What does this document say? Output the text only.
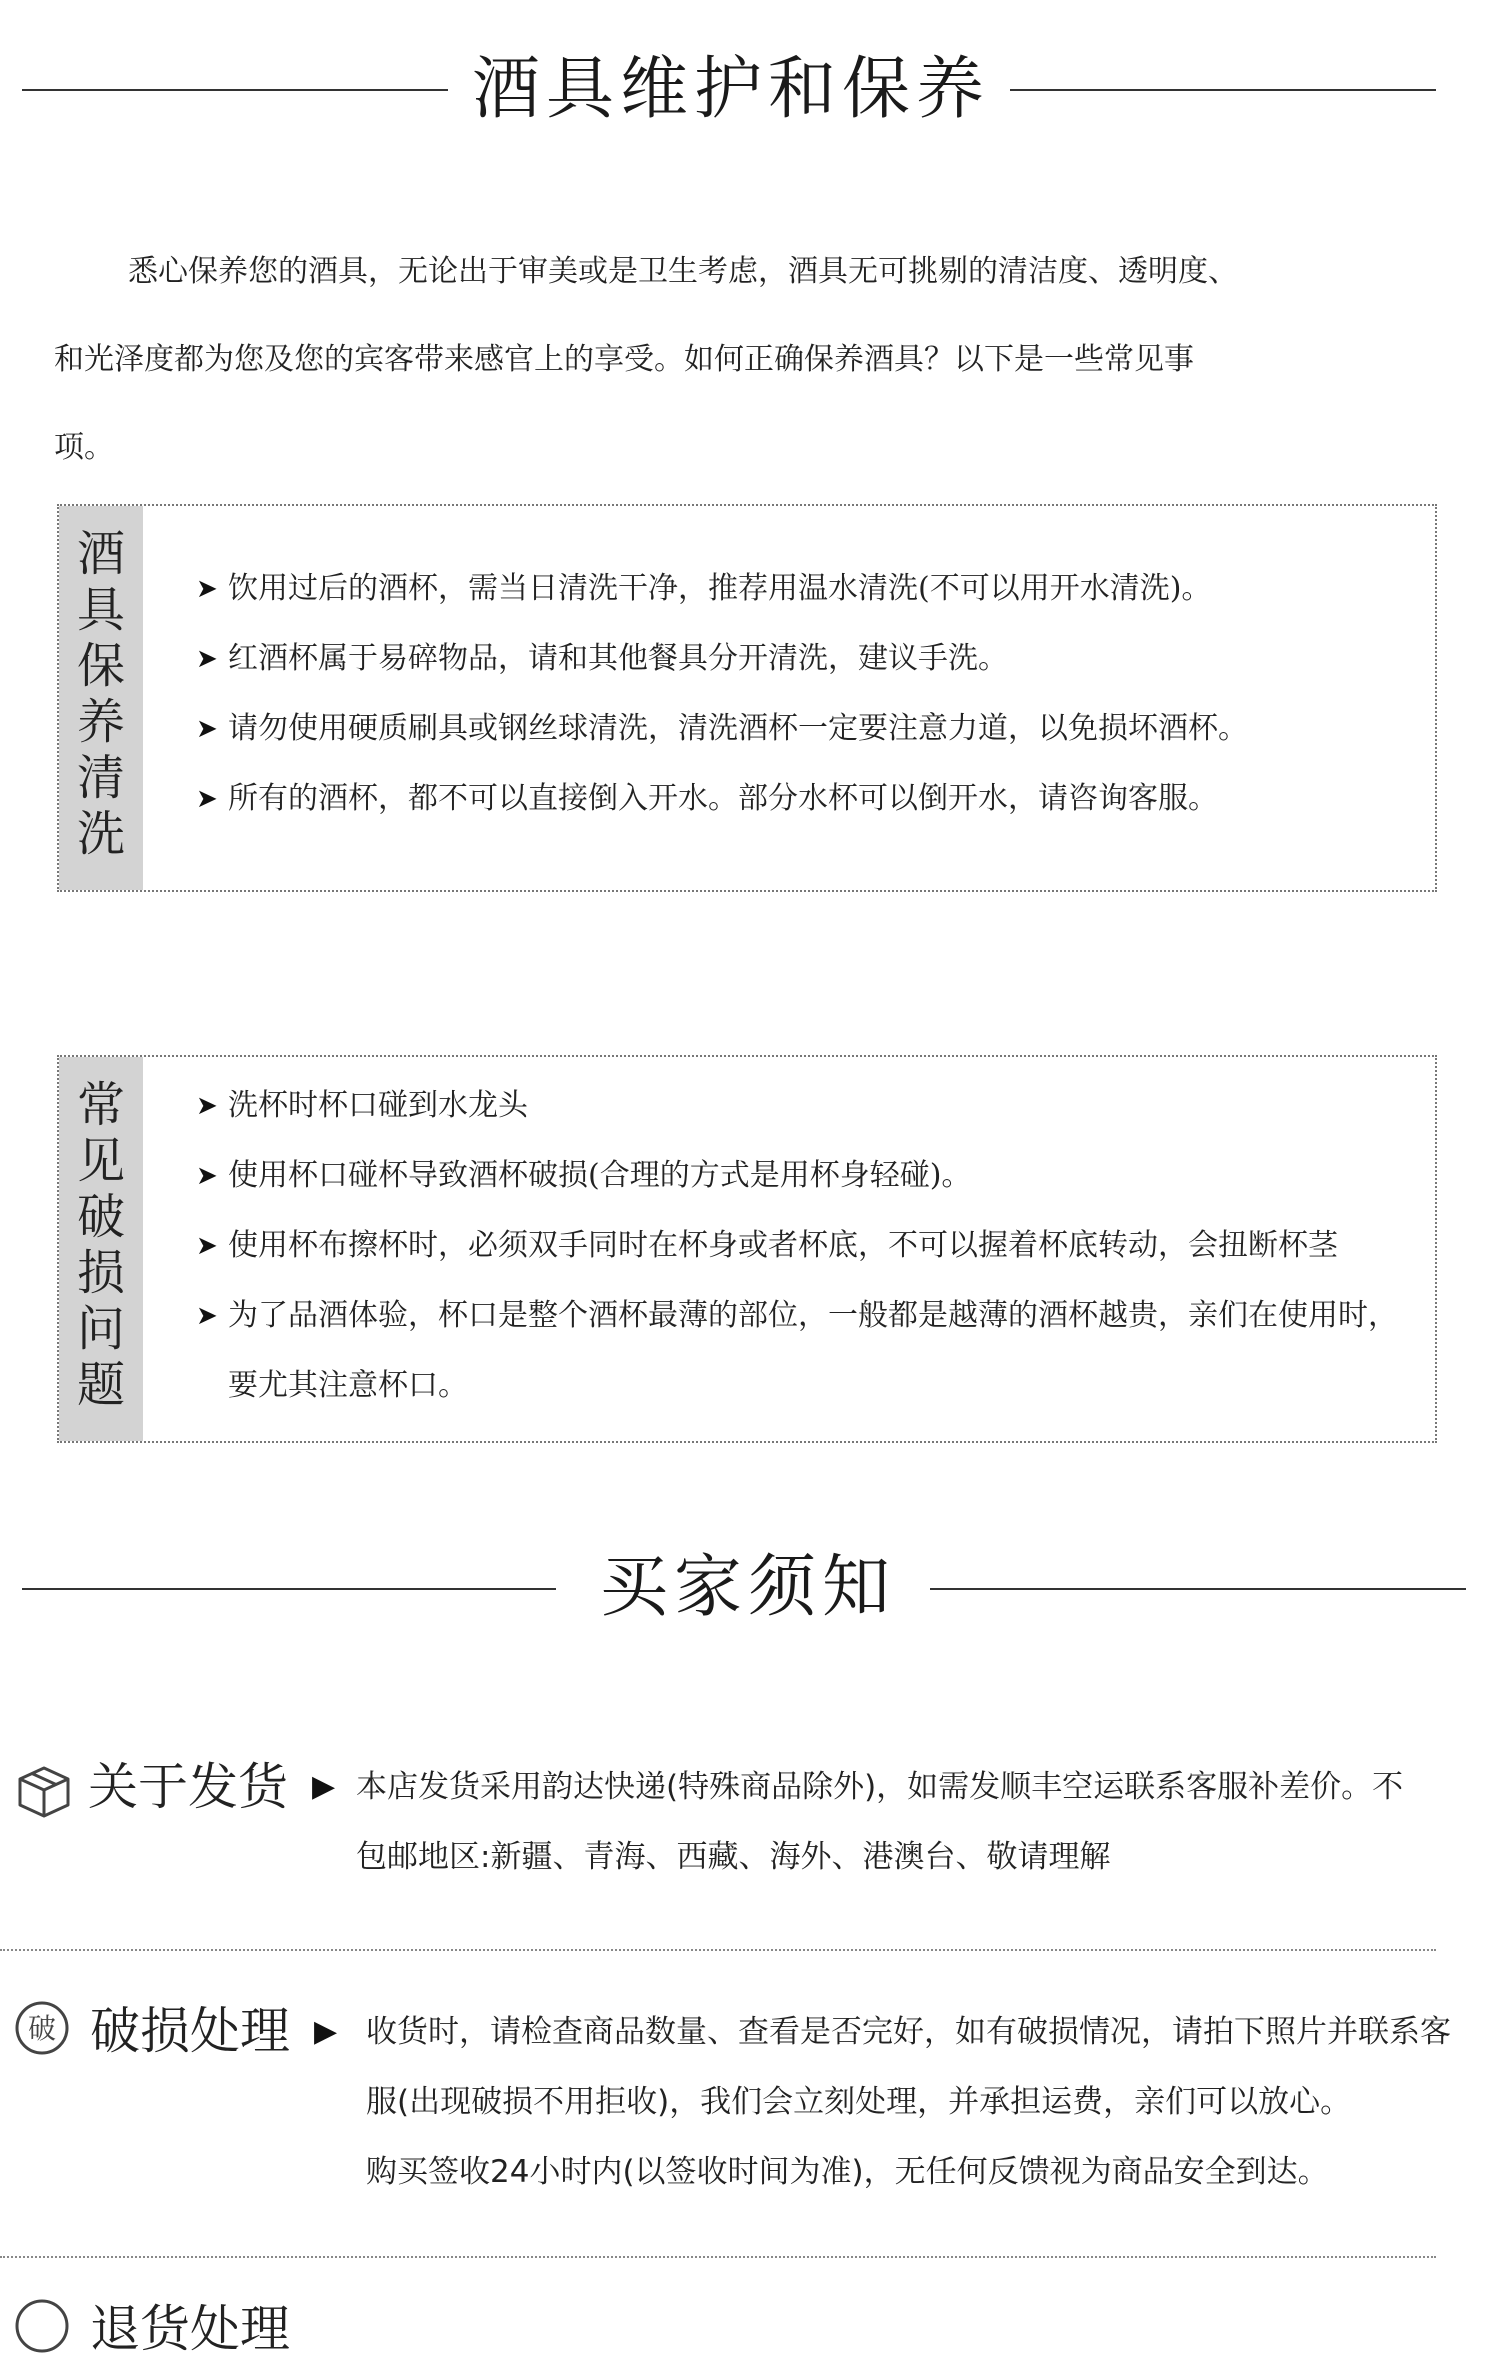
酒具维护和保养
悉心保养您的酒具，无论出于审美或是卫生考虑，酒具无可挑剔的清洁度、透明度、
和光泽度都为您及您的宾客带来感官上的享受。如何正确保养酒具？以下是一些常见事
项。
酒
具
保
养
清
洗
➤ 饮用过后的酒杯，需当日清洗干净，推荐用温水清洗(不可以用开水清洗)。
➤ 红酒杯属于易碎物品，请和其他餐具分开清洗，建议手洗。
➤ 请勿使用硬质刷具或钢丝球清洗，清洗酒杯一定要注意力道，以免损坏酒杯。
➤ 所有的酒杯，都不可以直接倒入开水。部分水杯可以倒开水，请咨询客服。
常
见
破
损
问
题
➤ 洗杯时杯口碰到水龙头
➤ 使用杯口碰杯导致酒杯破损(合理的方式是用杯身轻碰)。
➤ 使用杯布擦杯时，必须双手同时在杯身或者杯底，不可以握着杯底转动，会扭断杯茎
➤ 为了品酒体验，杯口是整个酒杯最薄的部位，一般都是越薄的酒杯越贵，亲们在使用时，要尤其注意杯口。
买家须知
关于发货 ▶ 本店发货采用韵达快递(特殊商品除外)，如需发顺丰空运联系客服补差价。不
包邮地区:新疆、青海、西藏、海外、港澳台、敬请理解
破 破损处理 ▶ 收货时，请检查商品数量、查看是否完好，如有破损情况，请拍下照片并联系客
服(出现破损不用拒收)，我们会立刻处理，并承担运费，亲们可以放心。
购买签收24小时内(以签收时间为准)，无任何反馈视为商品安全到达。
退货处理
